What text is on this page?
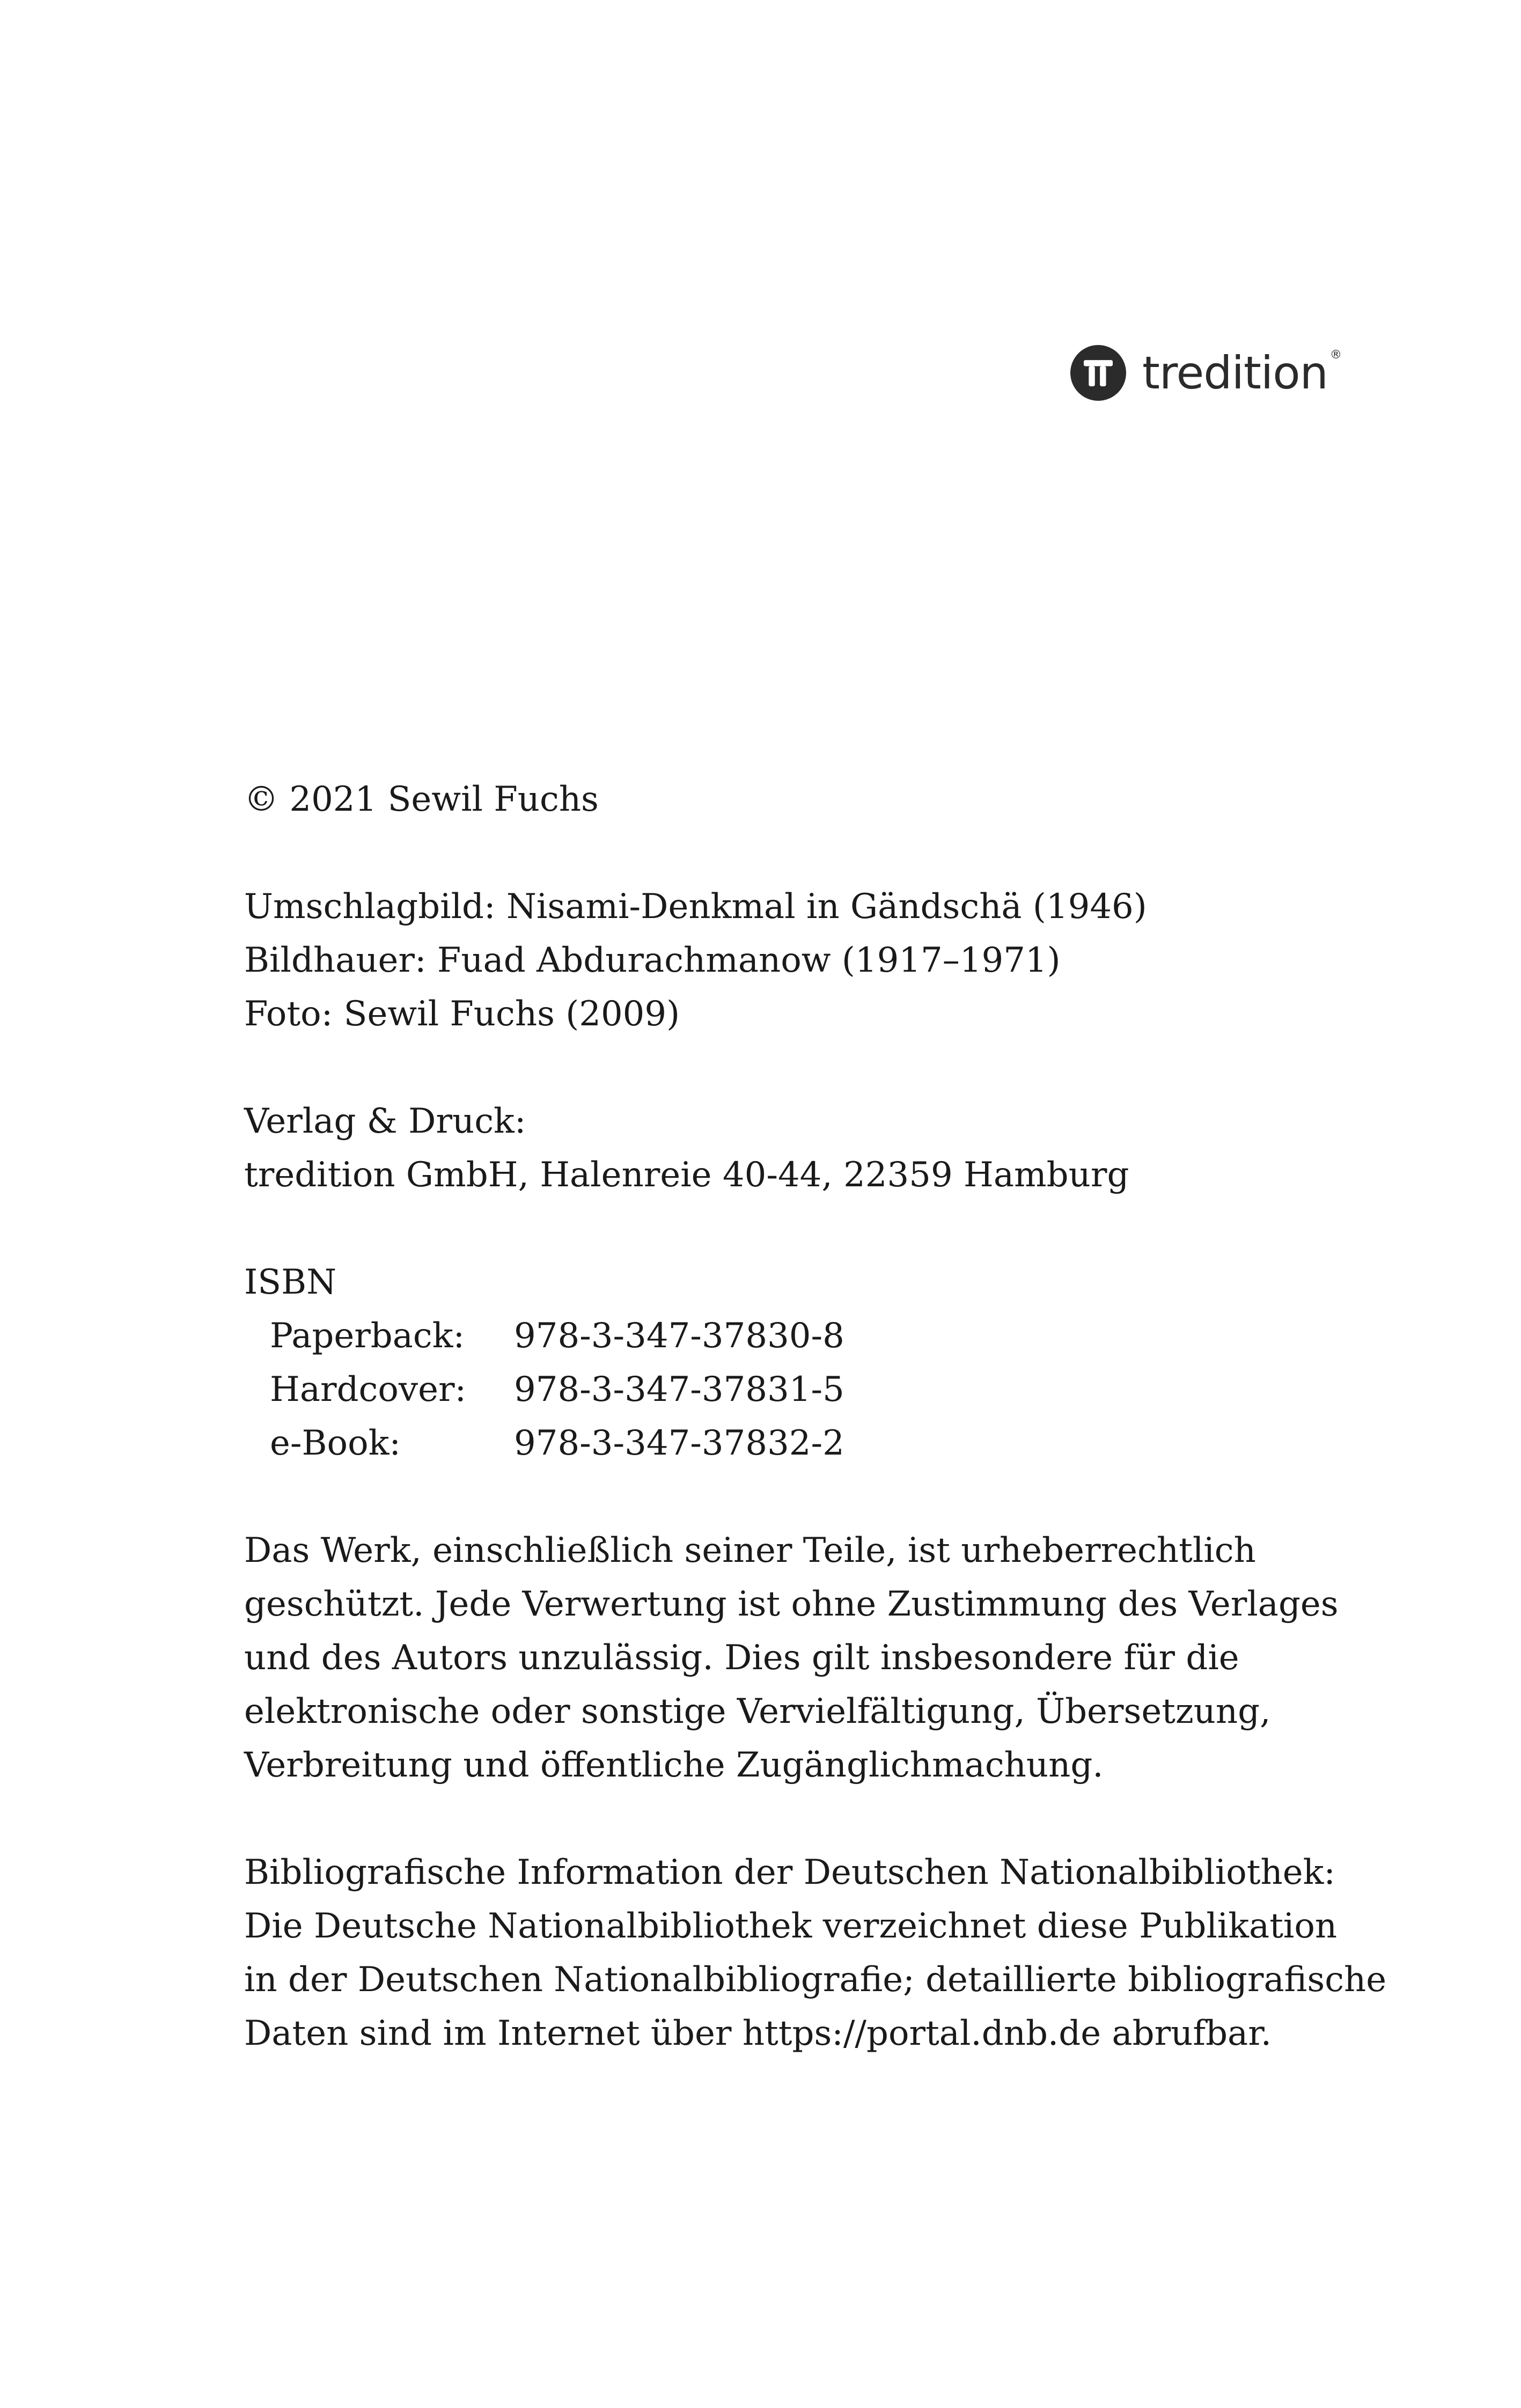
tredition ®
© 2021 Sewil Fuchs
Umschlagbild: Nisami-Denkmal in Gändschä (1946)
Bildhauer: Fuad Abdurachmanow (1917–1971)
Foto: Sewil Fuchs (2009)
Verlag & Druck:
tredition GmbH, Halenreie 40-44, 22359 Hamburg
ISBN
Paperback: 978-3-347-37830-8
Hardcover: 978-3-347-37831-5
e-Book:	978-3-347-37832-2
Das Werk, einschließlich seiner Teile, ist urheberrechtlich
geschützt. Jede Verwertung ist ohne Zustimmung des Verlages
und des Autors unzulässig. Dies gilt insbesondere für die
elektronische oder sonstige Vervielfältigung, Übersetzung,
Verbreitung und öffentliche Zugänglichmachung.
Bibliografische Information der Deutschen Nationalbibliothek:
Die Deutsche Nationalbibliothek verzeichnet diese Publikation
in der Deutschen Nationalbibliografie; detaillierte bibliografische
Daten sind im Internet über https://portal.dnb.de abrufbar.
